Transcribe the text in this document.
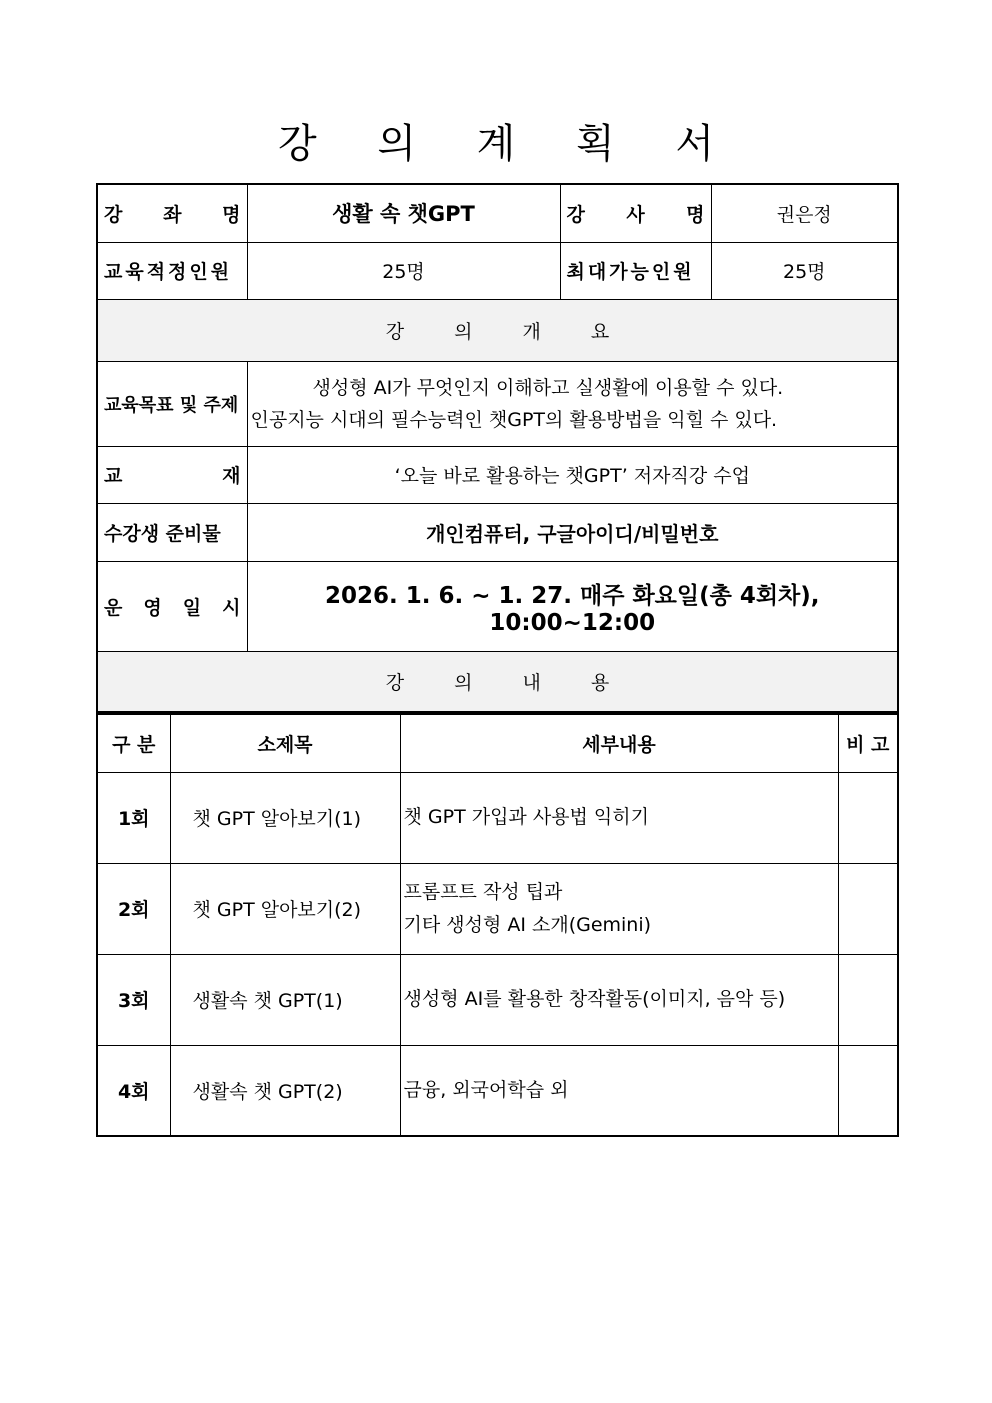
강 의 계 획 서
강 좌 명	생활 속 챗GPT	강 사 명	권은정
교육적정인원	25명	최대가능인원	25명
강 의 개 요			
교육목표 및 주제	생성형 AI가 무엇인지 이해하고 실생활에 이용할 수 있다.
인공지능 시대의 필수능력인 챗GPT의 활용방법을 익힐 수 있다.		

교 재	‘오늘 바로 활용하는 챗GPT’ 저자직강 수업		
수강생 준비물	개인컴퓨터, 구글아이디/비밀번호		

운 영 일 시	2026. 1. 6. ~ 1. 27. 매주 화요일(총 4회차), 10:00~12:00		
강 의 내 용			
구 분	소제목	세부내용	비 고
1회	챗 GPT 알아보기(1)	챗 GPT 가입과 사용법 익히기	

2회	챗 GPT 알아보기(2)	프롬프트 작성 팁과
기타 생성형 AI 소개(Gemini)	

3회	생활속 챗 GPT(1)	생성형 AI를 활용한 창작활동(이미지, 음악 등)	

4회	생활속 챗 GPT(2)	금융, 외국어학습 외	
